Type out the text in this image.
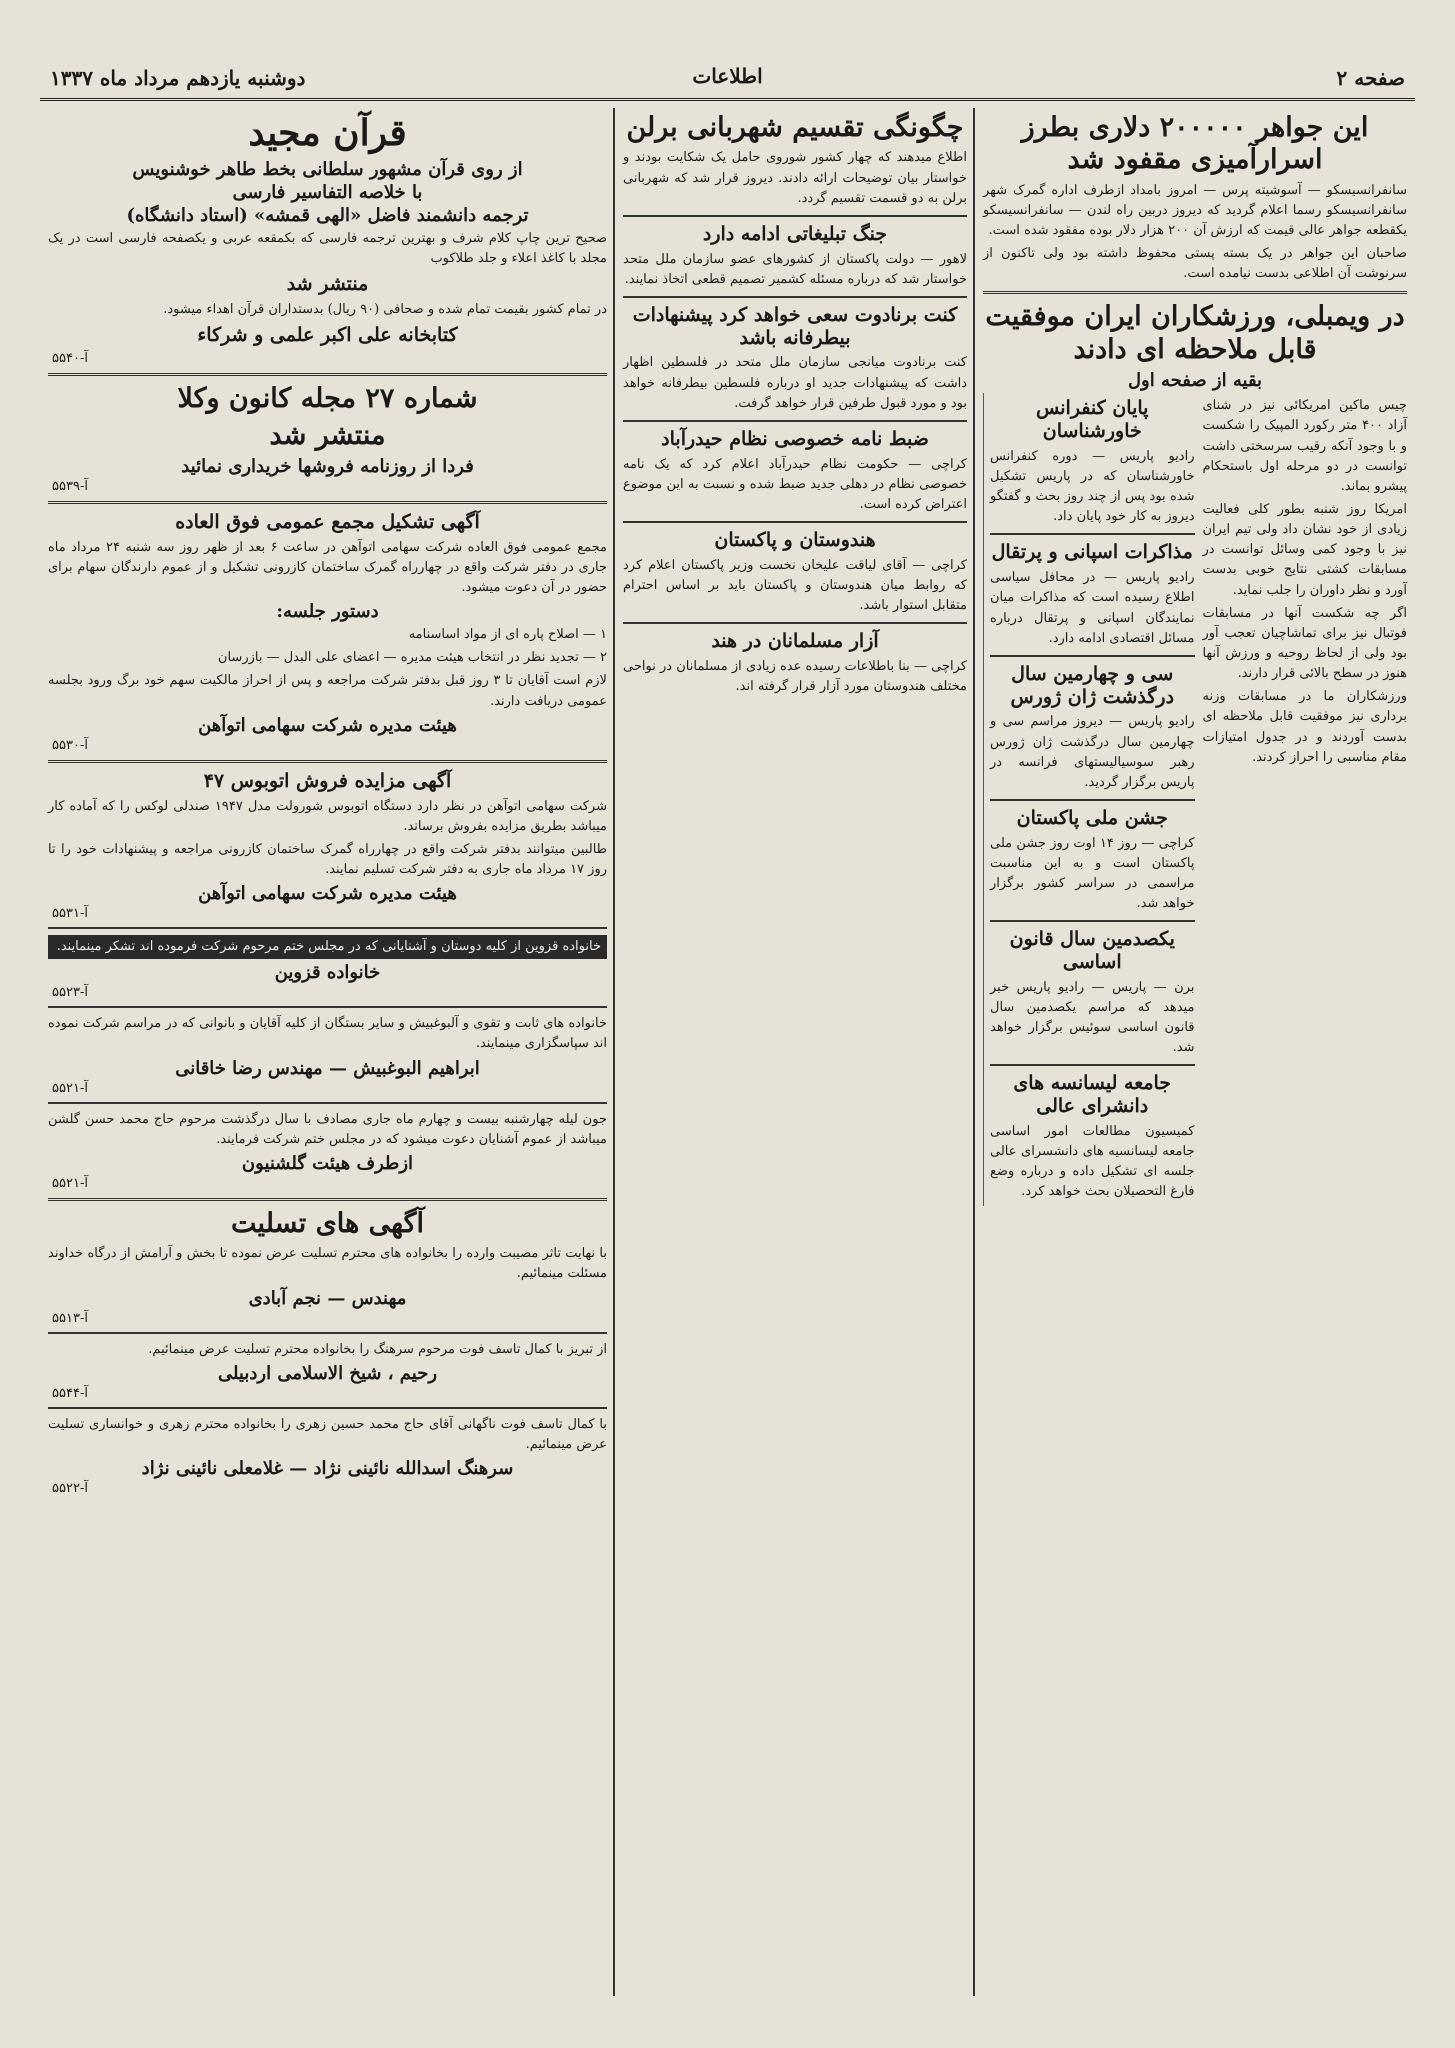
صفحه ۲
اطلاعات
دوشنبه یازدهم مرداد ماه ۱۳۳۷
این جواهر ۲۰۰۰۰۰ دلاری بطرز اسرارآمیزی مقفود شد

سانفرانسیسکو — آسوشیته پرس — امروز بامداد ازطرف اداره گمرک شهر سانفرانسیسکو رسما اعلام گردید که دیروز دربین راه لندن — سانفرانسیسکو یکقطعه جواهر عالی قیمت که ارزش آن ۲۰۰ هزار دلار بوده مفقود شده است.

صاحبان این جواهر در یک بسته پستی محفوظ داشته بود ولی تاکنون از سرنوشت آن اطلاعی بدست نیامده است.

در ویمبلی، ورزشکاران ایران موفقیت قابل ملاحظه ای دادند
بقیه از صفحه اول

چیس ماکین امریکائی نیز در شنای آزاد ۴۰۰ متر رکورد المپیک را شکست و با وجود آنکه رقیب سرسختی داشت توانست در دو مرحله اول باستحکام پیشرو بماند.

امریکا روز شنبه بطور کلی فعالیت زیادی از خود نشان داد ولی تیم ایران نیز با وجود کمی وسائل توانست در مسابقات کشتی نتایج خوبی بدست آورد و نظر داوران را جلب نماید.

اگر چه شکست آنها در مسابقات فوتبال نیز برای تماشاچیان تعجب آور بود ولی از لحاظ روحیه و ورزش آنها هنوز در سطح بالائی قرار دارند.

ورزشکاران ما در مسابقات وزنه برداری نیز موفقیت قابل ملاحظه ای بدست آوردند و در جدول امتیازات مقام مناسبی را احراز کردند.

پایان کنفرانس خاورشناسان

رادیو پاریس — دوره کنفرانس خاورشناسان که در پاریس تشکیل شده بود پس از چند روز بحث و گفتگو دیروز به کار خود پایان داد.

مذاکرات اسپانی و پرتقال

رادیو پاریس — در محافل سیاسی اطلاع رسیده است که مذاکرات میان نمایندگان اسپانی و پرتقال درباره مسائل اقتصادی ادامه دارد.

سی و چهارمین سال درگذشت ژان ژورس

رادیو پاریس — دیروز مراسم سی و چهارمین سال درگذشت ژان ژورس رهبر سوسیالیستهای فرانسه در پاریس برگزار گردید.

جشن ملی پاکستان

کراچی — روز ۱۴ اوت روز جشن ملی پاکستان است و به این مناسبت مراسمی در سراسر کشور برگزار خواهد شد.

یکصدمین سال قانون اساسی

برن — پاریس — رادیو پاریس خبر میدهد که مراسم یکصدمین سال قانون اساسی سوئیس برگزار خواهد شد.

جامعه لیسانسه های دانشرای عالی

کمیسیون مطالعات امور اساسی جامعه لیسانسیه های دانشسرای عالی جلسه ای تشکیل داده و درباره وضع فارغ التحصیلان بحث خواهد کرد.

چگونگی تقسیم شهربانی برلن

اطلاع میدهند که چهار کشور شوروی حامل یک شکایت بودند و خواستار بیان توضیحات ارائه دادند. دیروز قرار شد که شهربانی برلن به دو قسمت تقسیم گردد.

جنگ تبلیغاتی ادامه دارد

لاهور — دولت پاکستان از کشورهای عضو سازمان ملل متحد خواستار شد که درباره مسئله کشمیر تصمیم قطعی اتخاذ نمایند.

کنت برنادوت سعی خواهد کرد پیشنهادات بیطرفانه باشد

کنت برنادوت میانجی سازمان ملل متحد در فلسطین اظهار داشت که پیشنهادات جدید او درباره فلسطین بیطرفانه خواهد بود و مورد قبول طرفین قرار خواهد گرفت.

ضبط نامه خصوصی نظام حیدرآباد

کراچی — حکومت نظام حیدرآباد اعلام کرد که یک نامه خصوصی نظام در دهلی جدید ضبط شده و نسبت به این موضوع اعتراض کرده است.

هندوستان و پاکستان

کراچی — آقای لیاقت علیخان نخست وزیر پاکستان اعلام کرد که روابط میان هندوستان و پاکستان باید بر اساس احترام متقابل استوار باشد.

آزار مسلمانان در هند

کراچی — بنا باطلاعات رسیده عده زیادی از مسلمانان در نواحی مختلف هندوستان مورد آزار قرار گرفته اند.

قرآن مجید
از روی قرآن مشهور سلطانی بخط طاهر خوشنویس
با خلاصه التفاسیر فارسی
ترجمه دانشمند فاضل «الهی قمشه» (استاد دانشگاه)

صحیح ترین چاپ کلام شرف و بهترین ترجمه فارسی که بکمقعه عربی و یکصفحه فارسی است در یک مجلد با کاغذ اعلاء و جلد طلاکوب

منتشر شد

در تمام کشور بقیمت تمام شده و صحافی (۹۰ ریال) بدستداران قرآن اهداء میشود.

کتابخانه علی اکبر علمی و شرکاء
آ-۵۵۴۰
شماره ۲۷ مجله کانون وکلا
منتشر شد
فردا از روزنامه فروشها خریداری نمائید
آ-۵۵۳۹
آگهی تشکیل مجمع عمومی فوق العاده

مجمع عمومی فوق العاده شرکت سهامی اتوآهن در ساعت ۶ بعد از ظهر روز سه شنبه ۲۴ مرداد ماه جاری در دفتر شرکت واقع در چهارراه گمرک ساختمان کازرونی تشکیل و از عموم دارندگان سهام برای حضور در آن دعوت میشود.

دستور جلسه:

۱ — اصلاح پاره ای از مواد اساسنامه

۲ — تجدید نظر در انتخاب هیئت مدیره — اعضای علی البدل — بازرسان

لازم است آقایان تا ۳ روز قبل بدفتر شرکت مراجعه و پس از احراز مالکیت سهم خود برگ ورود بجلسه عمومی دریافت دارند.

هیئت مدیره شرکت سهامی اتوآهن
آ-۵۵۳۰
آگهی مزایده فروش اتوبوس ۴۷

شرکت سهامی اتوآهن در نظر دارد دستگاه اتوبوس شورولت مدل ۱۹۴۷ صندلی لوکس را که آماده کار میباشد بطریق مزایده بفروش برساند.

طالبین میتوانند بدفتر شرکت واقع در چهارراه گمرک ساختمان کازرونی مراجعه و پیشنهادات خود را تا روز ۱۷ مرداد ماه جاری به دفتر شرکت تسلیم نمایند.

هیئت مدیره شرکت سهامی اتوآهن
آ-۵۵۳۱

خانواده قزوین از کلیه دوستان و آشنایانی که در مجلس ختم مرحوم شرکت فرموده اند تشکر مینمایند.

خانواده قزوین
آ-۵۵۲۳

خانواده های ثابت و تقوی و آلبوغبیش و سایر بستگان از کلیه آقایان و بانوانی که در مراسم شرکت نموده اند سپاسگزاری مینمایند.

ابراهیم البوغبیش — مهندس رضا خاقانی
آ-۵۵۲۱

جون لیله چهارشنبه بیست و چهارم ماه جاری مصادف با سال درگذشت مرحوم حاج محمد حسن گلشن میباشد از عموم آشنایان دعوت میشود که در مجلس ختم شرکت فرمایند.

ازطرف هیئت گلشنیون
آ-۵۵۲۱
آگهی های تسلیت

با نهایت تاثر مصیبت وارده را بخانواده های محترم تسلیت عرض نموده تا بخش و آرامش از درگاه خداوند مسئلت مینمائیم.

مهندس — نجم آبادی
آ-۵۵۱۳

از تبریز با کمال تاسف فوت مرحوم سرهنگ را بخانواده محترم تسلیت عرض مینمائیم.

رحیم ، شیخ الاسلامی اردبیلی
آ-۵۵۴۴

با کمال تاسف فوت ناگهانی آقای حاج محمد حسین زهری را بخانواده محترم زهری و خوانساری تسلیت عرض مینمائیم.

سرهنگ اسدالله نائینی نژاد — غلامعلی نائینی نژاد
آ-۵۵۲۲
